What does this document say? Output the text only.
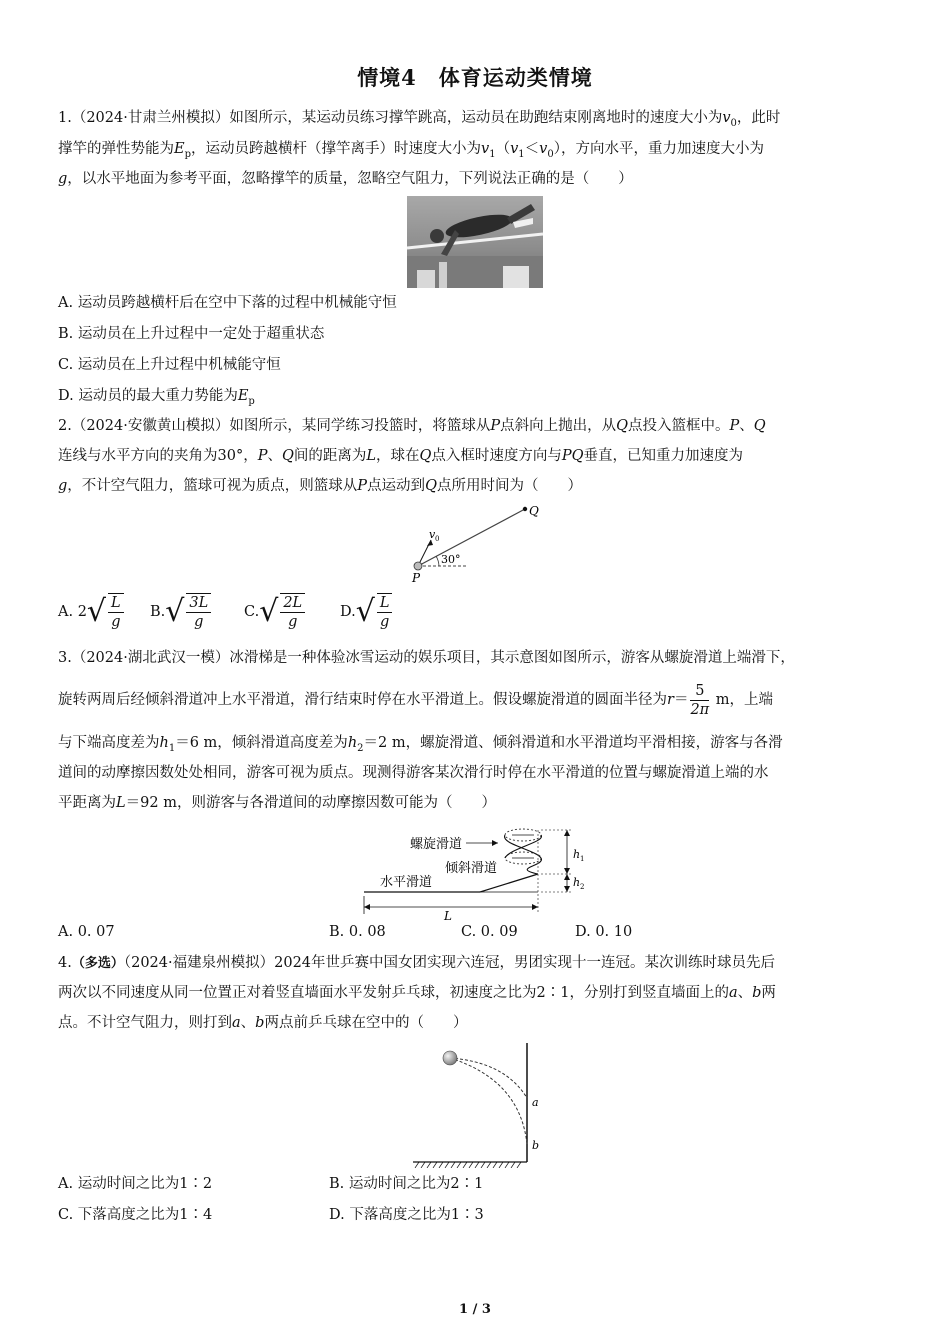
情境4　体育运动类情境
1.（2024·甘肃兰州模拟）如图所示，某运动员练习撑竿跳高，运动员在助跑结束刚离地时的速度大小为$v_0$，此时
撑竿的弹性势能为$E_p$，运动员跨越横杆（撑竿离手）时速度大小为$v_1(v_1<v_0)$，方向水平，重力加速度大小为
g，以水平地面为参考平面，忽略撑竿的质量，忽略空气阻力，下列说法正确的是（　　）
A. 运动员跨越横杆后在空中下落的过程中机械能守恒
B. 运动员在上升过程中一定处于超重状态
C. 运动员在上升过程中机械能守恒
D. 运动员的最大重力势能为$E_p$
2.（2024·安徽黄山模拟）如图所示，某同学练习投篮时，将篮球从P点斜向上抛出，从Q点投入篮框中。P、Q
连线与水平方向的夹角为30°，P、Q间的距离为L，球在Q点入框时速度方向与PQ垂直，已知重力加速度为
g，不计空气阻力，篮球可视为质点，则篮球从P点运动到Q点所用时间为（　　）
v 0
30°
P
Q
A. $2√ \frac{L}{g} B.√ \frac{3L}{g} C.√ \frac{2L}{g} D.√ \frac{L}{g}$
3.（2024·湖北武汉一模）冰滑梯是一种体验冰雪运动的娱乐项目，其示意图如图所示，游客从螺旋滑道上端滑下，
旋转两周后经倾斜滑道冲上水平滑道，滑行结束时停在水平滑道上。假设螺旋滑道的圆面半径为$r= \frac{5}{2\pi}$ m，上端
与下端高度差为$h_1=6$ m，倾斜滑道高度差为$h_2=2$ m，螺旋滑道、倾斜滑道和水平滑道均平滑相接，游客与各滑
道间的动摩擦因数处处相同，游客可视为质点。现测得游客某次滑行时停在水平滑道的位置与螺旋滑道上端的水
平距离为L＝92 m，则游客与各滑道间的动摩擦因数可能为（　　）
螺旋滑道
倾斜滑道
水平滑道
L
h 1
h 2
A. 0. 07	B. 0. 08	C. 0. 09	D. 0. 10
4.（多选）（2024·福建泉州模拟）2024年世乒赛中国女团实现六连冠，男团实现十一连冠。某次训练时球员先后
两次以不同速度从同一位置正对着竖直墙面水平发射乒乓球，初速度之比为2∶1，分别打到竖直墙面上的a、b两
点。不计空气阻力，则打到a、b两点前乒乓球在空中的（　　）
a
b
A. 运动时间之比为1∶2	B. 运动时间之比为2∶1
C. 下落高度之比为1∶4	D. 下落高度之比为1∶3
1 / 3
